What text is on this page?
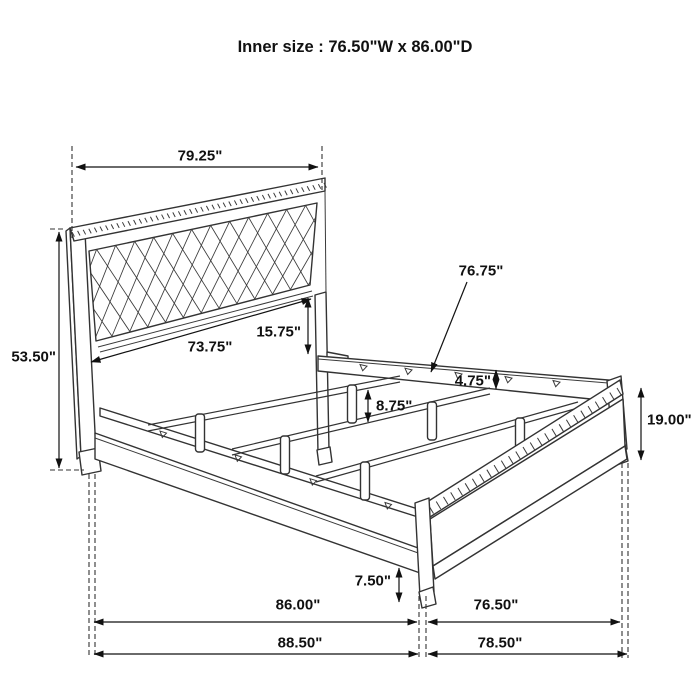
Inner size : 76.50"W x 86.00"D
79.25"
53.50"
73.75"
15.75"
76.75"
4.75"
8.75"
19.00"
7.50"
86.00"	76.50"
88.50"	78.50"
